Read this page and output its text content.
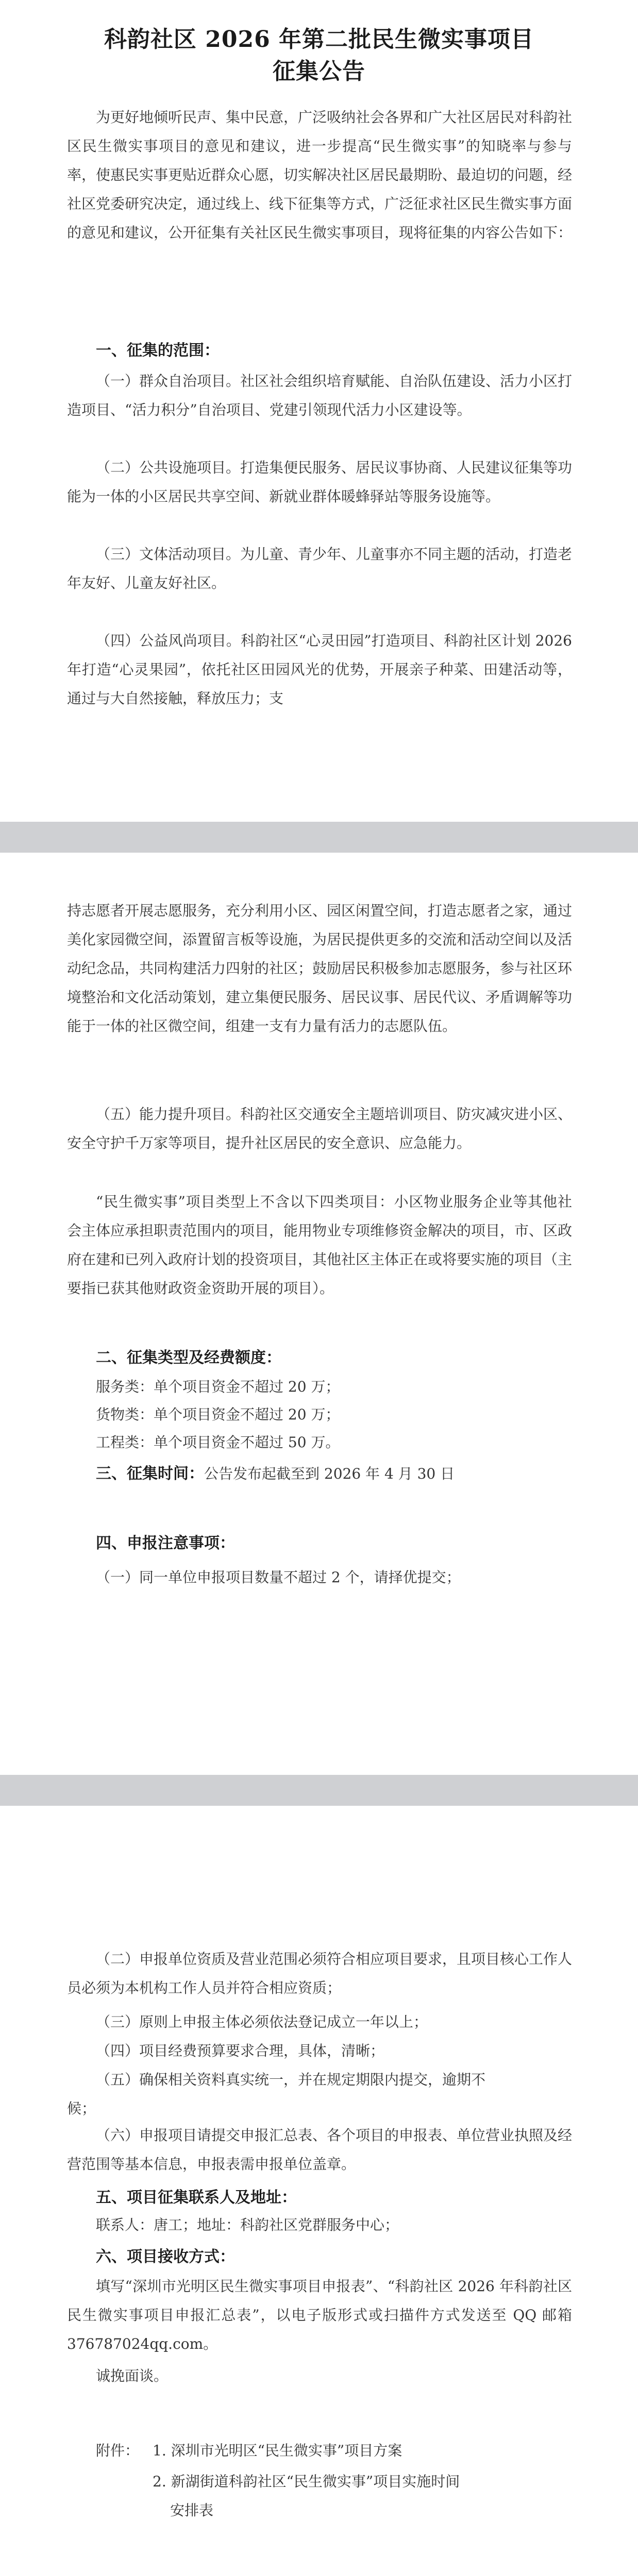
科韵社区 2026 年第二批民生微实事项目
征集公告

为更好地倾听民声、集中民意，广泛吸纳社会各界和广大社区居民对科韵社区民生微实事项目的意见和建议，进一步提高“民生微实事”的知晓率与参与率，使惠民实事更贴近群众心愿，切实解决社区居民最期盼、最迫切的问题，经社区党委研究决定，通过线上、线下征集等方式，广泛征求社区民生微实事方面的意见和建议，公开征集有关社区民生微实事项目，现将征集的内容公告如下：

一、征集的范围：

（一）群众自治项目。社区社会组织培育赋能、自治队伍建设、活力小区打造项目、“活力积分”自治项目、党建引领现代活力小区建设等。

（二）公共设施项目。打造集便民服务、居民议事协商、人民建议征集等功能为一体的小区居民共享空间、新就业群体暖蜂驿站等服务设施等。

（三）文体活动项目。为儿童、青少年、儿童事亦不同主题的活动，打造老年友好、儿童友好社区。

（四）公益风尚项目。科韵社区“心灵田园”打造项目、科韵社区计划 2026 年打造“心灵果园”，依托社区田园风光的优势，开展亲子种菜、田建活动等，通过与大自然接触，释放压力；支

持志愿者开展志愿服务，充分利用小区、园区闲置空间，打造志愿者之家，通过美化家园微空间，添置留言板等设施，为居民提供更多的交流和活动空间以及活动纪念品，共同构建活力四射的社区；鼓励居民积极参加志愿服务，参与社区环境整治和文化活动策划，建立集便民服务、居民议事、居民代议、矛盾调解等功能于一体的社区微空间，组建一支有力量有活力的志愿队伍。

（五）能力提升项目。科韵社区交通安全主题培训项目、防灾减灾进小区、安全守护千万家等项目，提升社区居民的安全意识、应急能力。

“民生微实事”项目类型上不含以下四类项目：小区物业服务企业等其他社会主体应承担职责范围内的项目，能用物业专项维修资金解决的项目，市、区政府在建和已列入政府计划的投资项目，其他社区主体正在或将要实施的项目（主要指已获其他财政资金资助开展的项目）。

二、征集类型及经费额度：
服务类：单个项目资金不超过 20 万；
货物类：单个项目资金不超过 20 万；
工程类：单个项目资金不超过 50 万。
三、征集时间：公告发布起截至到 2026 年 4 月 30 日
四、申报注意事项：
（一）同一单位申报项目数量不超过 2 个，请择优提交；

（二）申报单位资质及营业范围必须符合相应项目要求，且项目核心工作人员必须为本机构工作人员并符合相应资质；

（三）原则上申报主体必须依法登记成立一年以上；
（四）项目经费预算要求合理，具体，清晰；
（五）确保相关资料真实统一，并在规定期限内提交，逾期不
候；

（六）申报项目请提交申报汇总表、各个项目的申报表、单位营业执照及经营范围等基本信息，申报表需申报单位盖章。

五、项目征集联系人及地址：
联系人：唐工；地址：科韵社区党群服务中心；
六、项目接收方式：

填写“深圳市光明区民生微实事项目申报表”、“科韵社区 2026 年科韵社区民生微实事项目申报汇总表”，以电子版形式或扫描件方式发送至 QQ 邮箱 376787024qq.com。

诚挽面谈。
附件： 1. 深圳市光明区“民生微实事”项目方案
2. 新湖街道科韵社区“民生微实事”项目实施时间
安排表
